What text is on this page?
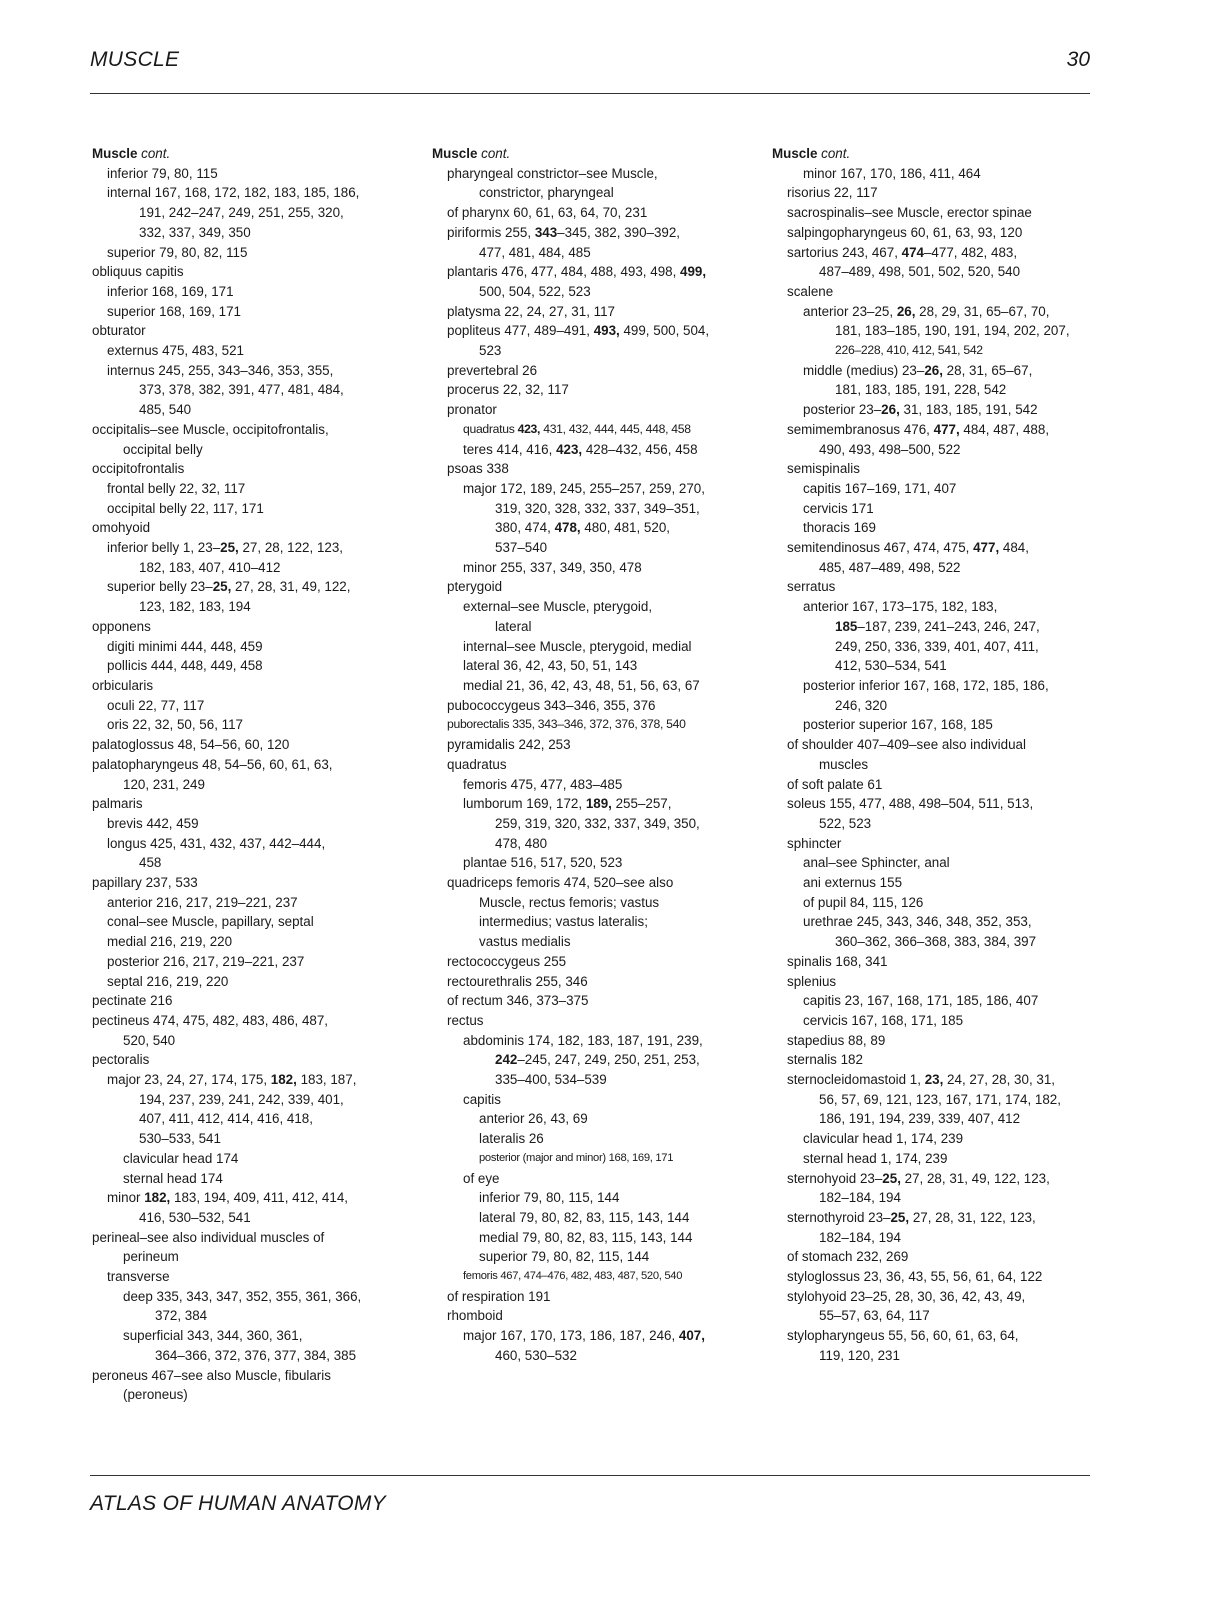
MUSCLE	30
Muscle cont.
inferior 79, 80, 115
internal 167, 168, 172, 182, 183, 185, 186,
191, 242–247, 249, 251, 255, 320,
332, 337, 349, 350
superior 79, 80, 82, 115
obliquus capitis
inferior 168, 169, 171
superior 168, 169, 171
obturator
externus 475, 483, 521
internus 245, 255, 343–346, 353, 355,
373, 378, 382, 391, 477, 481, 484,
485, 540
occipitalis–see Muscle, occipitofrontalis,
occipital belly
occipitofrontalis
frontal belly 22, 32, 117
occipital belly 22, 117, 171
omohyoid
inferior belly 1, 23–25, 27, 28, 122, 123,
182, 183, 407, 410–412
superior belly 23–25, 27, 28, 31, 49, 122,
123, 182, 183, 194
opponens
digiti minimi 444, 448, 459
pollicis 444, 448, 449, 458
orbicularis
oculi 22, 77, 117
oris 22, 32, 50, 56, 117
palatoglossus 48, 54–56, 60, 120
palatopharyngeus 48, 54–56, 60, 61, 63,
120, 231, 249
palmaris
brevis 442, 459
longus 425, 431, 432, 437, 442–444,
458
papillary 237, 533
anterior 216, 217, 219–221, 237
conal–see Muscle, papillary, septal
medial 216, 219, 220
posterior 216, 217, 219–221, 237
septal 216, 219, 220
pectinate 216
pectineus 474, 475, 482, 483, 486, 487,
520, 540
pectoralis
major 23, 24, 27, 174, 175, 182, 183, 187,
194, 237, 239, 241, 242, 339, 401,
407, 411, 412, 414, 416, 418,
530–533, 541
clavicular head 174
sternal head 174
minor 182, 183, 194, 409, 411, 412, 414,
416, 530–532, 541
perineal–see also individual muscles of
perineum
transverse
deep 335, 343, 347, 352, 355, 361, 366,
372, 384
superficial 343, 344, 360, 361,
364–366, 372, 376, 377, 384, 385
peroneus 467–see also Muscle, fibularis
(peroneus)
Muscle cont.
pharyngeal constrictor–see Muscle,
constrictor, pharyngeal
of pharynx 60, 61, 63, 64, 70, 231
piriformis 255, 343–345, 382, 390–392,
477, 481, 484, 485
plantaris 476, 477, 484, 488, 493, 498, 499,
500, 504, 522, 523
platysma 22, 24, 27, 31, 117
popliteus 477, 489–491, 493, 499, 500, 504,
523
prevertebral 26
procerus 22, 32, 117
pronator
quadratus 423, 431, 432, 444, 445, 448, 458
teres 414, 416, 423, 428–432, 456, 458
psoas 338
major 172, 189, 245, 255–257, 259, 270,
319, 320, 328, 332, 337, 349–351,
380, 474, 478, 480, 481, 520,
537–540
minor 255, 337, 349, 350, 478
pterygoid
external–see Muscle, pterygoid,
lateral
internal–see Muscle, pterygoid, medial
lateral 36, 42, 43, 50, 51, 143
medial 21, 36, 42, 43, 48, 51, 56, 63, 67
pubococcygeus 343–346, 355, 376
puborectalis 335, 343–346, 372, 376, 378, 540
pyramidalis 242, 253
quadratus
femoris 475, 477, 483–485
lumborum 169, 172, 189, 255–257,
259, 319, 320, 332, 337, 349, 350,
478, 480
plantae 516, 517, 520, 523
quadriceps femoris 474, 520–see also
Muscle, rectus femoris; vastus
intermedius; vastus lateralis;
vastus medialis
rectococcygeus 255
rectourethralis 255, 346
of rectum 346, 373–375
rectus
abdominis 174, 182, 183, 187, 191, 239,
242–245, 247, 249, 250, 251, 253,
335–400, 534–539
capitis
anterior 26, 43, 69
lateralis 26
posterior (major and minor) 168, 169, 171
of eye
inferior 79, 80, 115, 144
lateral 79, 80, 82, 83, 115, 143, 144
medial 79, 80, 82, 83, 115, 143, 144
superior 79, 80, 82, 115, 144
femoris 467, 474–476, 482, 483, 487, 520, 540
of respiration 191
rhomboid
major 167, 170, 173, 186, 187, 246, 407,
460, 530–532
Muscle cont.
minor 167, 170, 186, 411, 464
risorius 22, 117
sacrospinalis–see Muscle, erector spinae
salpingopharyngeus 60, 61, 63, 93, 120
sartorius 243, 467, 474–477, 482, 483,
487–489, 498, 501, 502, 520, 540
scalene
anterior 23–25, 26, 28, 29, 31, 65–67, 70,
181, 183–185, 190, 191, 194, 202, 207,
226–228, 410, 412, 541, 542
middle (medius) 23–26, 28, 31, 65–67,
181, 183, 185, 191, 228, 542
posterior 23–26, 31, 183, 185, 191, 542
semimembranosus 476, 477, 484, 487, 488,
490, 493, 498–500, 522
semispinalis
capitis 167–169, 171, 407
cervicis 171
thoracis 169
semitendinosus 467, 474, 475, 477, 484,
485, 487–489, 498, 522
serratus
anterior 167, 173–175, 182, 183,
185–187, 239, 241–243, 246, 247,
249, 250, 336, 339, 401, 407, 411,
412, 530–534, 541
posterior inferior 167, 168, 172, 185, 186,
246, 320
posterior superior 167, 168, 185
of shoulder 407–409–see also individual
muscles
of soft palate 61
soleus 155, 477, 488, 498–504, 511, 513,
522, 523
sphincter
anal–see Sphincter, anal
ani externus 155
of pupil 84, 115, 126
urethrae 245, 343, 346, 348, 352, 353,
360–362, 366–368, 383, 384, 397
spinalis 168, 341
splenius
capitis 23, 167, 168, 171, 185, 186, 407
cervicis 167, 168, 171, 185
stapedius 88, 89
sternalis 182
sternocleidomastoid 1, 23, 24, 27, 28, 30, 31,
56, 57, 69, 121, 123, 167, 171, 174, 182,
186, 191, 194, 239, 339, 407, 412
clavicular head 1, 174, 239
sternal head 1, 174, 239
sternohyoid 23–25, 27, 28, 31, 49, 122, 123,
182–184, 194
sternothyroid 23–25, 27, 28, 31, 122, 123,
182–184, 194
of stomach 232, 269
styloglossus 23, 36, 43, 55, 56, 61, 64, 122
stylohyoid 23–25, 28, 30, 36, 42, 43, 49,
55–57, 63, 64, 117
stylopharyngeus 55, 56, 60, 61, 63, 64,
119, 120, 231
ATLAS OF HUMAN ANATOMY
